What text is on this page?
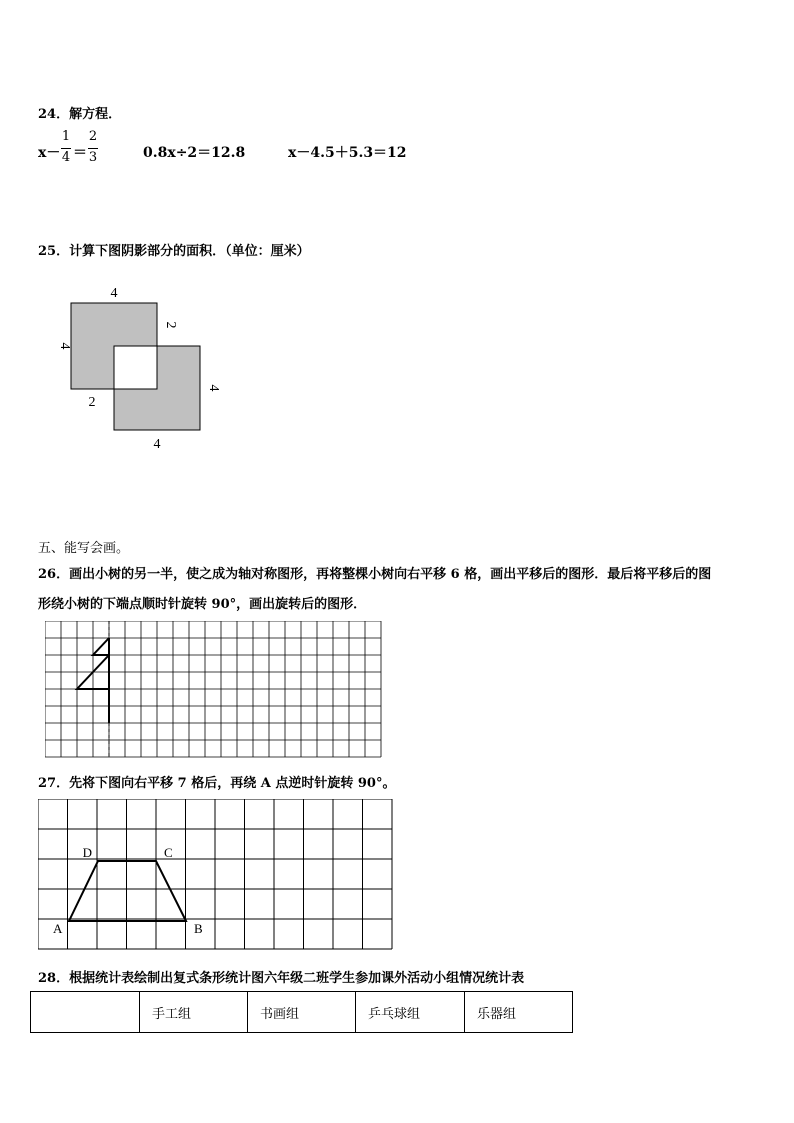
24．解方程．
x－
1
4 ＝
2
3	0.8x÷2＝12.8	x－4.5＋5.3＝12
25．计算下图阴影部分的面积．（单位：厘米）
4
4
2
2
4
4
五、能写会画。
26．画出小树的另一半，使之成为轴对称图形，再将整棵小树向右平移 6 格，画出平移后的图形．最后将平移后的图
形绕小树的下端点顺时针旋转 90°，画出旋转后的图形．
27．先将下图向右平移 7 格后，再绕 A 点逆时针旋转 90°。
D	C
A	B
28．根据统计表绘制出复式条形统计图六年级二班学生参加课外活动小组情况统计表
	手工组	书画组	乒乓球组	乐器组
